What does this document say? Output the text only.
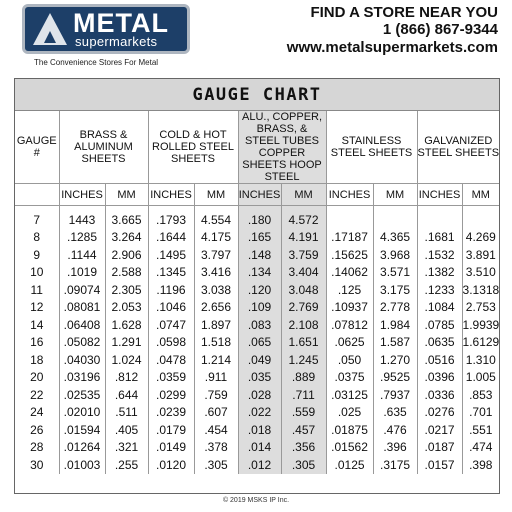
METAL
supermarkets
The Convenience Stores For Metal
FIND A STORE NEAR YOU
1 (866) 867-9344
www.metalsupermarkets.com
GAUGE CHART
GAUGE #	BRASS & ALUMINUM SHEETS		COLD & HOT ROLLED STEEL SHEETS		ALU., COPPER, BRASS, & STEEL TUBES COPPER SHEETS HOOP STEEL		STAINLESS STEEL SHEETS		GALVANIZED STEEL SHEETS	
	INCHES	MM	INCHES	MM	INCHES	MM	INCHES	MM	INCHES	MM
7	1443	3.665	.1793	4.554	.180	4.572				
8	.1285	3.264	.1644	4.175	.165	4.191	.17187	4.365	.1681	4.269
9	.1144	2.906	.1495	3.797	.148	3.759	.15625	3.968	.1532	3.891
10	.1019	2.588	.1345	3.416	.134	3.404	.14062	3.571	.1382	3.510
11	.09074	2.305	.1196	3.038	.120	3.048	.125	3.175	.1233	3.1318
12	.08081	2.053	.1046	2.656	.109	2.769	.10937	2.778	.1084	2.753
14	.06408	1.628	.0747	1.897	.083	2.108	.07812	1.984	.0785	1.9939
16	.05082	1.291	.0598	1.518	.065	1.651	.0625	1.587	.0635	1.6129
18	.04030	1.024	.0478	1.214	.049	1.245	.050	1.270	.0516	1.310
20	.03196	.812	.0359	.911	.035	.889	.0375	.9525	.0396	1.005
22	.02535	.644	.0299	.759	.028	.711	.03125	.7937	.0336	.853
24	.02010	.511	.0239	.607	.022	.559	.025	.635	.0276	.701
26	.01594	.405	.0179	.454	.018	.457	.01875	.476	.0217	.551
28	.01264	.321	.0149	.378	.014	.356	.01562	.396	.0187	.474
30	.01003	.255	.0120	.305	.012	.305	.0125	.3175	.0157	.398
© 2019 MSKS IP Inc.
